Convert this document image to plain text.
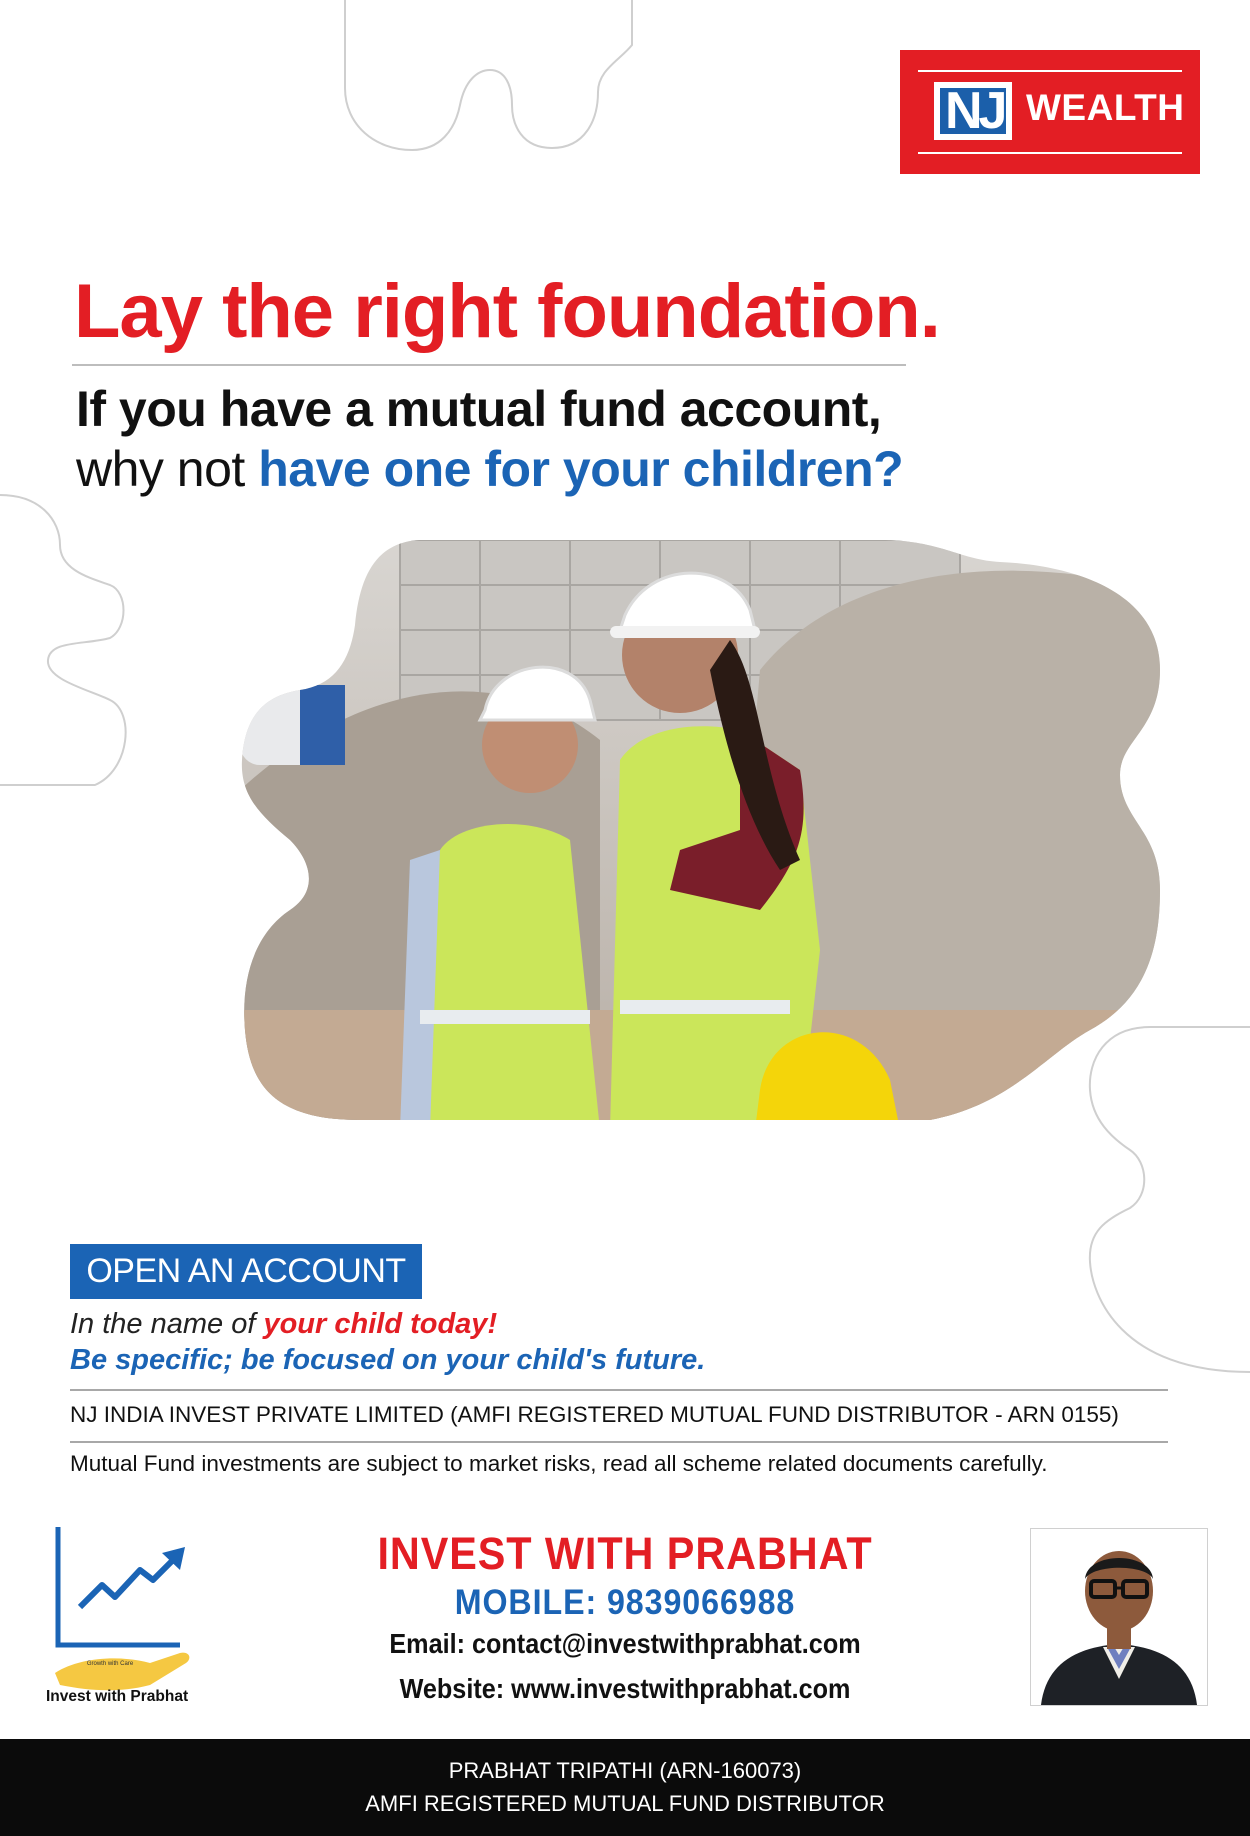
NJ WEALTH
Lay the right foundation.

If you have a mutual fund account,

why not have one for your children?

OPEN AN ACCOUNT
In the name of your child today!
Be specific; be focused on your child's future.
NJ INDIA INVEST PRIVATE LIMITED (AMFI REGISTERED MUTUAL FUND DISTRIBUTOR - ARN 0155)
Mutual Fund investments are subject to market risks, read all scheme related documents carefully.
Growth with Care
Invest with Prabhat
INVEST WITH PRABHAT
MOBILE: 9839066988
Email: contact@investwithprabhat.com
Website: www.investwithprabhat.com
PRABHAT TRIPATHI (ARN-160073)
AMFI REGISTERED MUTUAL FUND DISTRIBUTOR
